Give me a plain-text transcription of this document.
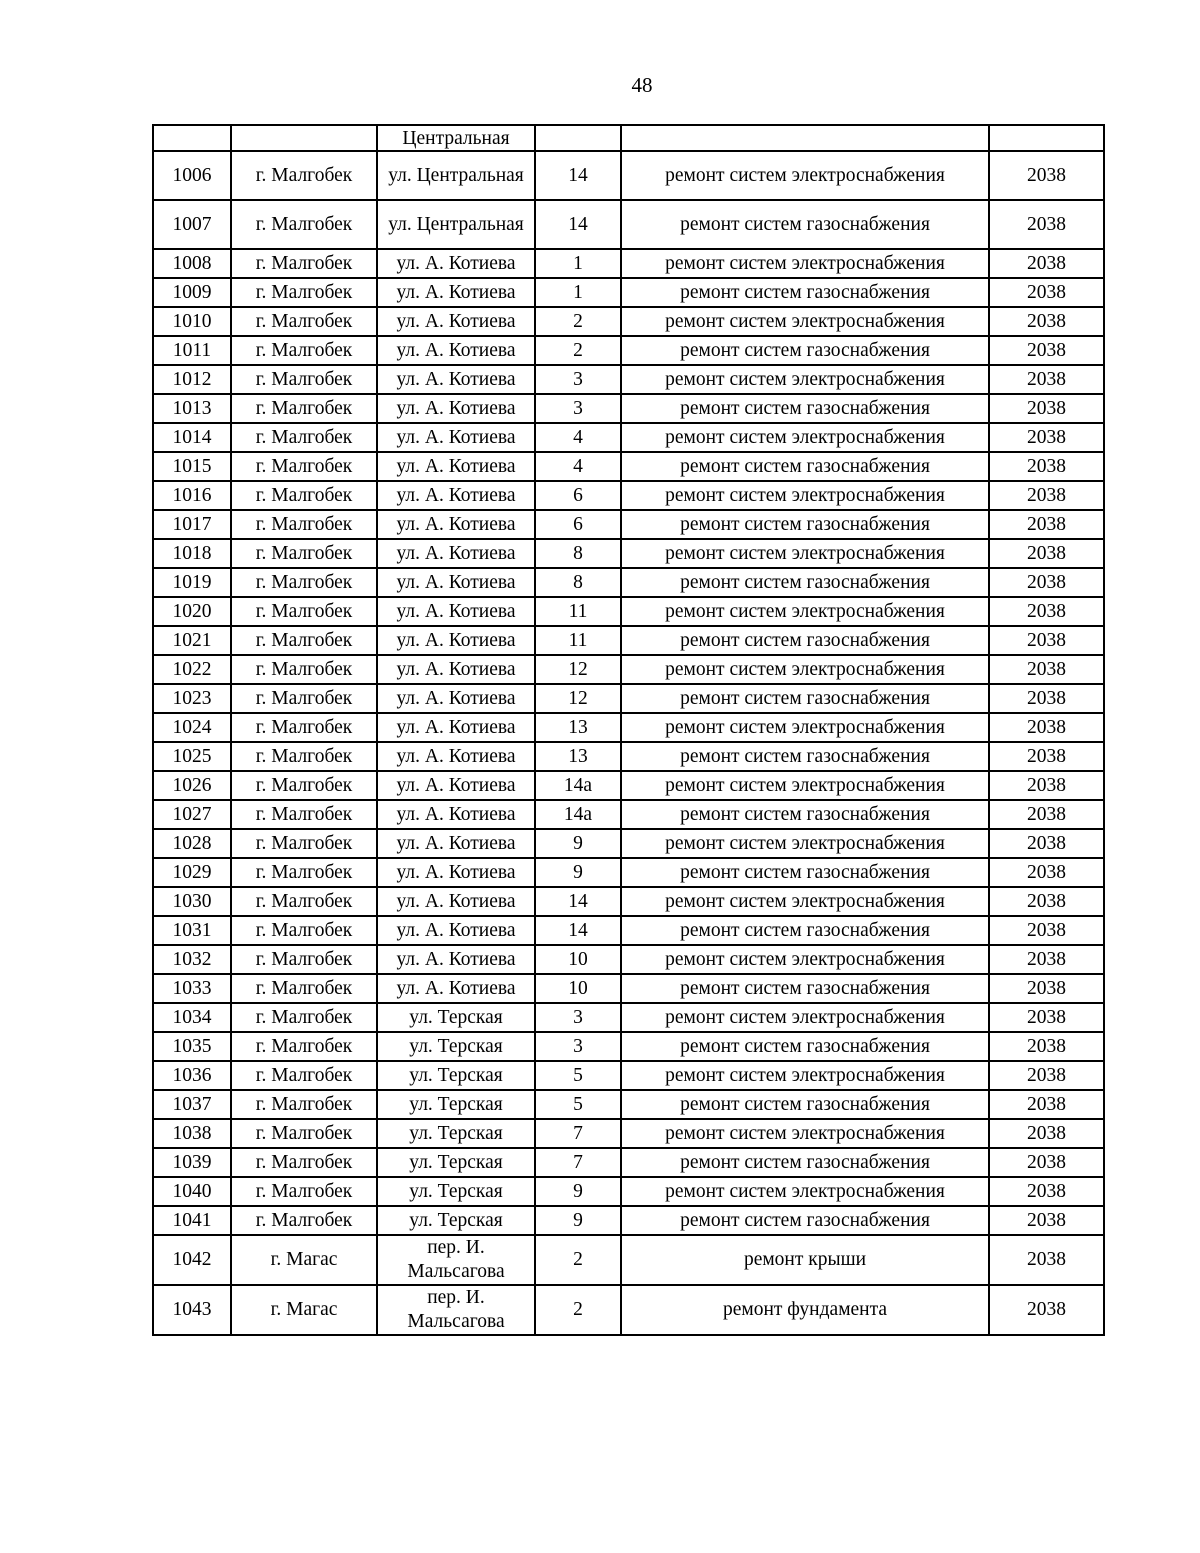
48
		Центральная			
1006	г. Малгобек	ул. Центральная	14	ремонт систем электроснабжения	2038
1007	г. Малгобек	ул. Центральная	14	ремонт систем газоснабжения	2038
1008	г. Малгобек	ул. А. Котиева	1	ремонт систем электроснабжения	2038
1009	г. Малгобек	ул. А. Котиева	1	ремонт систем газоснабжения	2038
1010	г. Малгобек	ул. А. Котиева	2	ремонт систем электроснабжения	2038
1011	г. Малгобек	ул. А. Котиева	2	ремонт систем газоснабжения	2038
1012	г. Малгобек	ул. А. Котиева	3	ремонт систем электроснабжения	2038
1013	г. Малгобек	ул. А. Котиева	3	ремонт систем газоснабжения	2038
1014	г. Малгобек	ул. А. Котиева	4	ремонт систем электроснабжения	2038
1015	г. Малгобек	ул. А. Котиева	4	ремонт систем газоснабжения	2038
1016	г. Малгобек	ул. А. Котиева	6	ремонт систем электроснабжения	2038
1017	г. Малгобек	ул. А. Котиева	6	ремонт систем газоснабжения	2038
1018	г. Малгобек	ул. А. Котиева	8	ремонт систем электроснабжения	2038
1019	г. Малгобек	ул. А. Котиева	8	ремонт систем газоснабжения	2038
1020	г. Малгобек	ул. А. Котиева	11	ремонт систем электроснабжения	2038
1021	г. Малгобек	ул. А. Котиева	11	ремонт систем газоснабжения	2038
1022	г. Малгобек	ул. А. Котиева	12	ремонт систем электроснабжения	2038
1023	г. Малгобек	ул. А. Котиева	12	ремонт систем газоснабжения	2038
1024	г. Малгобек	ул. А. Котиева	13	ремонт систем электроснабжения	2038
1025	г. Малгобек	ул. А. Котиева	13	ремонт систем газоснабжения	2038
1026	г. Малгобек	ул. А. Котиева	14а	ремонт систем электроснабжения	2038
1027	г. Малгобек	ул. А. Котиева	14а	ремонт систем газоснабжения	2038
1028	г. Малгобек	ул. А. Котиева	9	ремонт систем электроснабжения	2038
1029	г. Малгобек	ул. А. Котиева	9	ремонт систем газоснабжения	2038
1030	г. Малгобек	ул. А. Котиева	14	ремонт систем электроснабжения	2038
1031	г. Малгобек	ул. А. Котиева	14	ремонт систем газоснабжения	2038
1032	г. Малгобек	ул. А. Котиева	10	ремонт систем электроснабжения	2038
1033	г. Малгобек	ул. А. Котиева	10	ремонт систем газоснабжения	2038
1034	г. Малгобек	ул. Терская	3	ремонт систем электроснабжения	2038
1035	г. Малгобек	ул. Терская	3	ремонт систем газоснабжения	2038
1036	г. Малгобек	ул. Терская	5	ремонт систем электроснабжения	2038
1037	г. Малгобек	ул. Терская	5	ремонт систем газоснабжения	2038
1038	г. Малгобек	ул. Терская	7	ремонт систем электроснабжения	2038
1039	г. Малгобек	ул. Терская	7	ремонт систем газоснабжения	2038
1040	г. Малгобек	ул. Терская	9	ремонт систем электроснабжения	2038
1041	г. Малгобек	ул. Терская	9	ремонт систем газоснабжения	2038
1042	г. Магас	пер. И. Мальсагова	2	ремонт крыши	2038
1043	г. Магас	пер. И. Мальсагова	2	ремонт фундамента	2038
